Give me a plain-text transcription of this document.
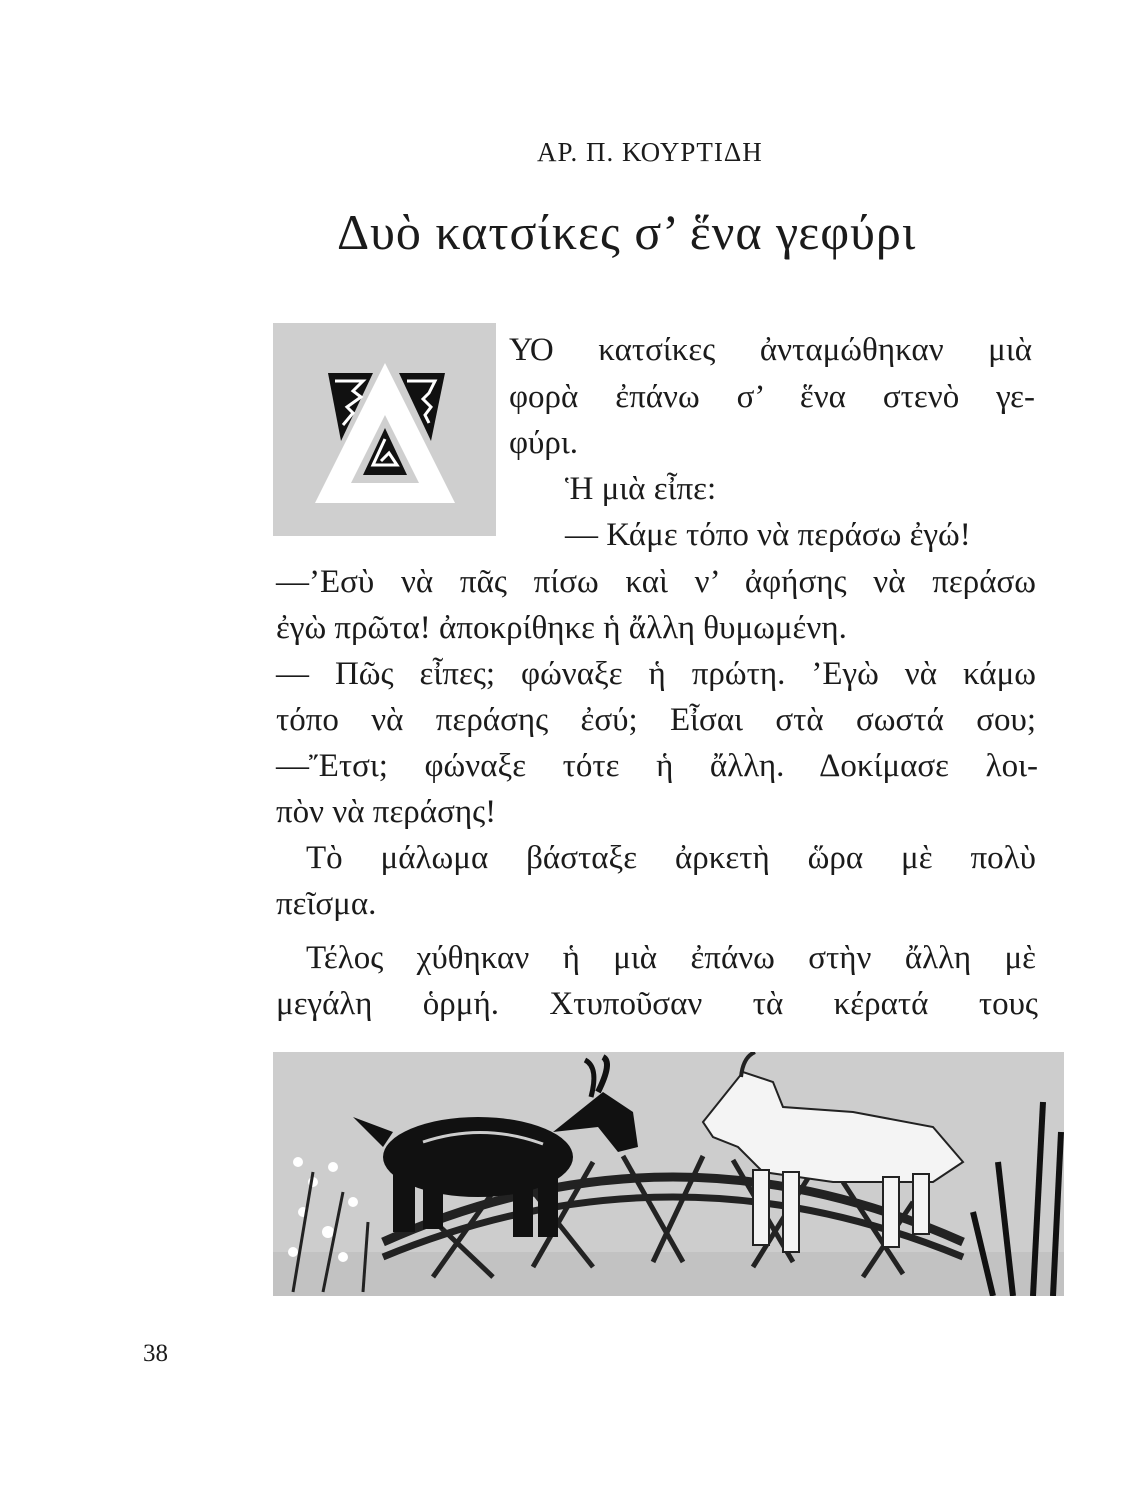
ΑΡ. Π. ΚΟΥΡΤΙΔΗ
Δυὸ κατσίκες σ’ ἕνα γεφύρι
ΥΟ κατσίκες ἀνταμώθηκαν μιὰ
φορὰ ἐπάνω σ’ ἕνα στενὸ γε-
φύρι.
Ἡ μιὰ εἶπε:
— Κάμε τόπο νὰ περάσω ἐγώ!
—’Εσὺ νὰ πᾶς πίσω καὶ ν’ ἀφήσης νὰ περάσω
ἐγὼ πρῶτα! ἀποκρίθηκε ἡ ἄλλη θυμωμένη.
— Πῶς εἶπες; φώναξε ἡ πρώτη. ’Εγὼ νὰ κάμω
τόπο νὰ περάσης ἐσύ; Εἶσαι στὰ σωστά σου;
—Ἔτσι; φώναξε τότε ἡ ἄλλη. Δοκίμασε λοι-
πὸν νὰ περάσης!
Τὸ μάλωμα βάσταξε ἀρκετὴ ὥρα μὲ πολὺ
πεῖσμα.
Τέλος χύθηκαν ἡ μιὰ ἐπάνω στὴν ἄλλη μὲ
μεγάλη ὁρμή. Χτυποῦσαν τὰ κέρατά τους
38
